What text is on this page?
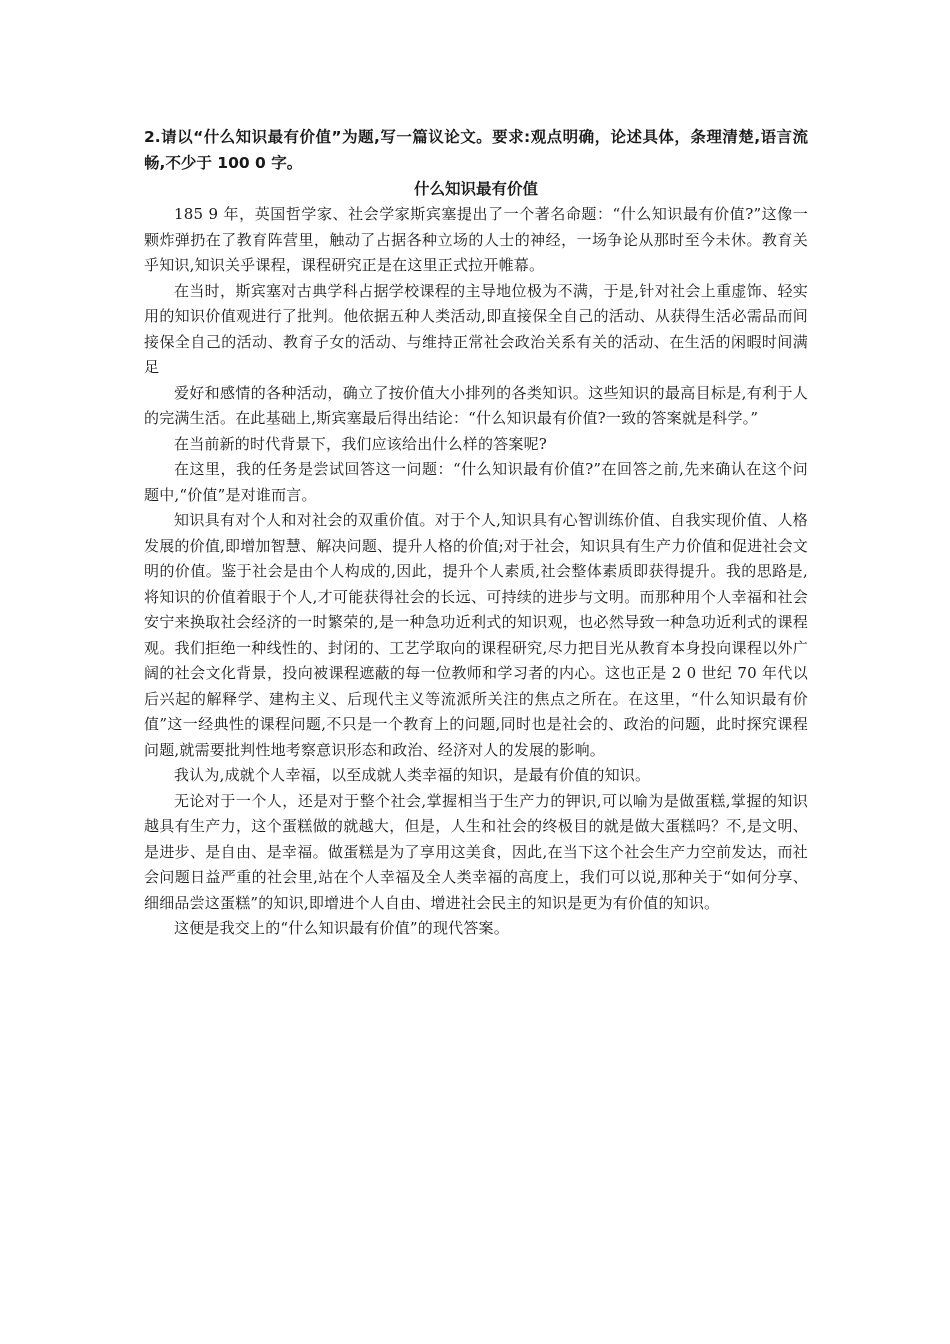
2.请以“什么知识最有价值”为题,写一篇议论文。要求:观点明确，论述具体，条理清楚,语言流畅,不少于 100 0 字。

什么知识最有价值

185 9 年，英国哲学家、社会学家斯宾塞提出了一个著名命题：“什么知识最有价值?”这像一颗炸弹扔在了教育阵营里，触动了占据各种立场的人士的神经，一场争论从那时至今未休。教育关乎知识,知识关乎课程，课程研究正是在这里正式拉开帷幕。

在当时，斯宾塞对古典学科占据学校课程的主导地位极为不满，于是,针对社会上重虚饰、轻实用的知识价值观进行了批判。他依据五种人类活动,即直接保全自己的活动、从获得生活必需品而间接保全自己的活动、教育子女的活动、与维持正常社会政治关系有关的活动、在生活的闲暇时间满足

爱好和感情的各种活动，确立了按价值大小排列的各类知识。这些知识的最高目标是,有利于人的完满生活。在此基础上,斯宾塞最后得出结论：“什么知识最有价值?一致的答案就是科学。”

在当前新的时代背景下，我们应该给出什么样的答案呢?

在这里，我的任务是尝试回答这一问题：“什么知识最有价值?”在回答之前,先来确认在这个问题中,“价值”是对谁而言。

知识具有对个人和对社会的双重价值。对于个人,知识具有心智训练价值、自我实现价值、人格发展的价值,即增加智慧、解决问题、提升人格的价值;对于社会，知识具有生产力价值和促进社会文明的价值。鉴于社会是由个人构成的,因此，提升个人素质,社会整体素质即获得提升。我的思路是,将知识的价值着眼于个人,才可能获得社会的长远、可持续的进步与文明。而那种用个人幸福和社会安宁来换取社会经济的一时繁荣的,是一种急功近利式的知识观，也必然导致一种急功近利式的课程观。我们拒绝一种线性的、封闭的、工艺学取向的课程研究,尽力把目光从教育本身投向课程以外广阔的社会文化背景，投向被课程遮蔽的每一位教师和学习者的内心。这也正是 2 0 世纪 70 年代以后兴起的解释学、建构主义、后现代主义等流派所关注的焦点之所在。在这里，“什么知识最有价值”这一经典性的课程问题,不只是一个教育上的问题,同时也是社会的、政治的问题，此时探究课程问题,就需要批判性地考察意识形态和政治、经济对人的发展的影响。

我认为,成就个人幸福，以至成就人类幸福的知识，是最有价值的知识。

无论对于一个人，还是对于整个社会,掌握相当于生产力的钾识,可以喻为是做蛋糕,掌握的知识越具有生产力，这个蛋糕做的就越大，但是，人生和社会的终极目的就是做大蛋糕吗？不,是文明、是进步、是自由、是幸福。做蛋糕是为了享用这美食，因此,在当下这个社会生产力空前发达，而社会问题日益严重的社会里,站在个人幸福及全人类幸福的高度上，我们可以说,那种关于“如何分享、细细品尝这蛋糕”的知识,即增进个人自由、增进社会民主的知识是更为有价值的知识。

这便是我交上的“什么知识最有价值”的现代答案。
